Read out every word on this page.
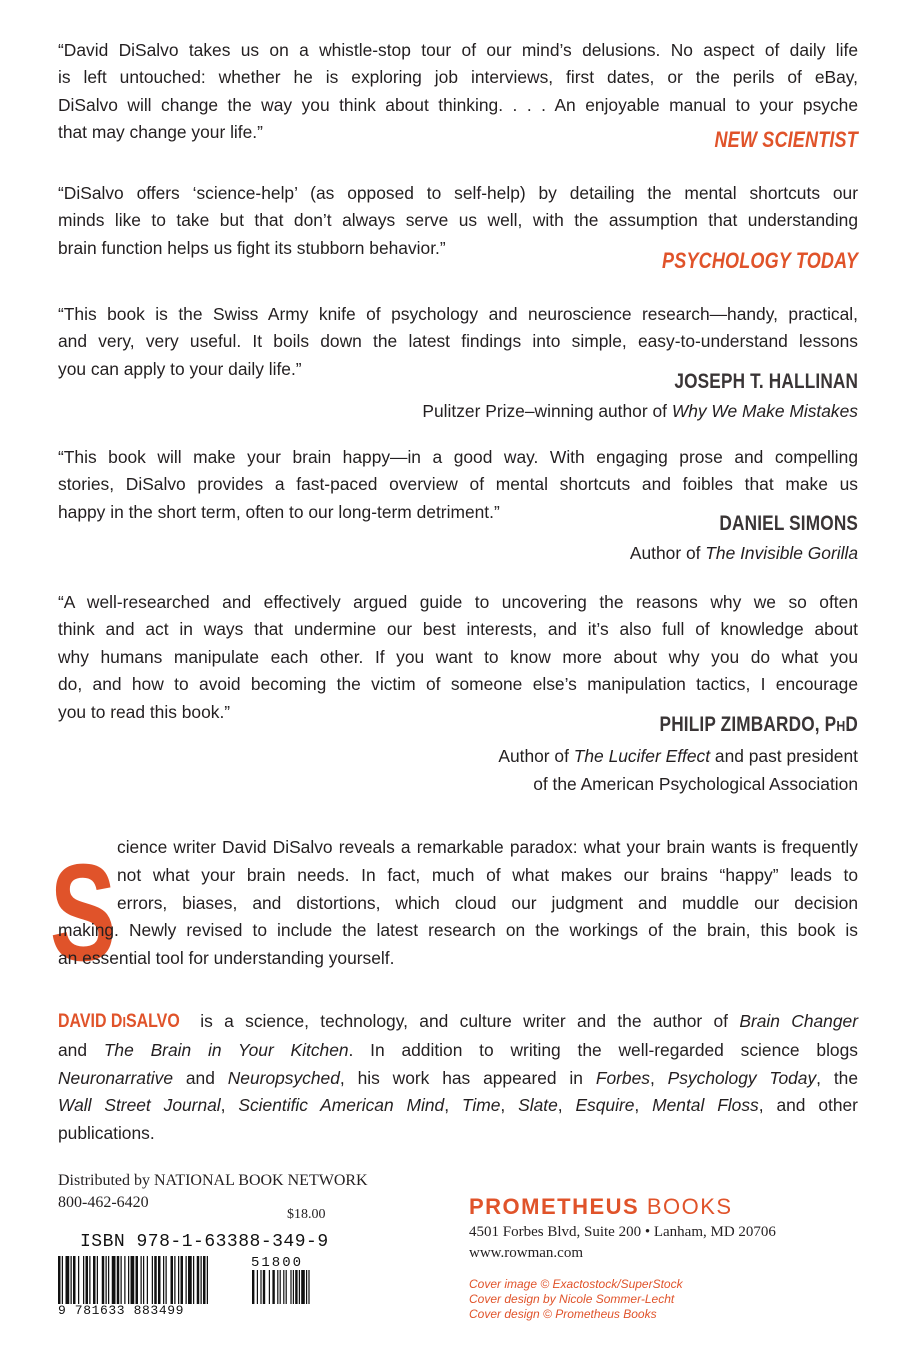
“David DiSalvo takes us on a whistle-stop tour of our mind’s delusions. No aspect of daily life
is left untouched: whether he is exploring job interviews, first dates, or the perils of eBay,
DiSalvo will change the way you think about thinking. . . . An enjoyable manual to your psyche
that may change your life.”	NEW SCIENTIST
“DiSalvo offers ‘science-help’ (as opposed to self-help) by detailing the mental shortcuts our
minds like to take but that don’t always serve us well, with the assumption that understanding
brain function helps us fight its stubborn behavior.”
PSYCHOLOGY TODAY
“This book is the Swiss Army knife of psychology and neuroscience research—handy, practical,
and very, very useful. It boils down the latest findings into simple, easy-to-understand lessons
you can apply to your daily life.”
JOSEPH T. HALLINAN

Pulitzer Prize–winning author of Why We Make Mistakes

“This book will make your brain happy—in a good way. With engaging prose and compelling
stories, DiSalvo provides a fast-paced overview of mental shortcuts and foibles that make us
happy in the short term, often to our long-term detriment.”
DANIEL SIMONS

Author of The Invisible Gorilla

“A well-researched and effectively argued guide to uncovering the reasons why we so often
think and act in ways that undermine our best interests, and it’s also full of knowledge about
why humans manipulate each other. If you want to know more about why you do what you
do, and how to avoid becoming the victim of someone else’s manipulation tactics, I encourage
you to read this book.”
PHILIP ZIMBARDO, PhD

Author of The Lucifer Effect and past president

of the American Psychological Association

S cience writer David DiSalvo reveals a remarkable paradox: what your brain wants is frequently
not what your brain needs. In fact, much of what makes our brains “happy” leads to
errors, biases, and distortions, which cloud our judgment and muddle our decision
making. Newly revised to include the latest research on the workings of the brain, this book is
an essential tool for understanding yourself.
DAVID DISALVO is a science, technology, and culture writer and the author of Brain Changer
and The Brain in Your Kitchen. In addition to writing the well-regarded science blogs
Neuronarrative and Neuropsyched, his work has appeared in Forbes, Psychology Today, the
Wall Street Journal, Scientific American Mind, Time, Slate, Esquire, Mental Floss, and other
publications.

Distributed by NATIONAL BOOK NETWORK

800-462-6420

$18.00

ISBN 978-1-63388-349-9

51800

9 781633 883499

PROMETHEUS BOOKS

4501 Forbes Blvd, Suite 200 • Lanham, MD 20706

www.rowman.com

Cover image © Exactostock/SuperStock

Cover design by Nicole Sommer-Lecht

Cover design © Prometheus Books
